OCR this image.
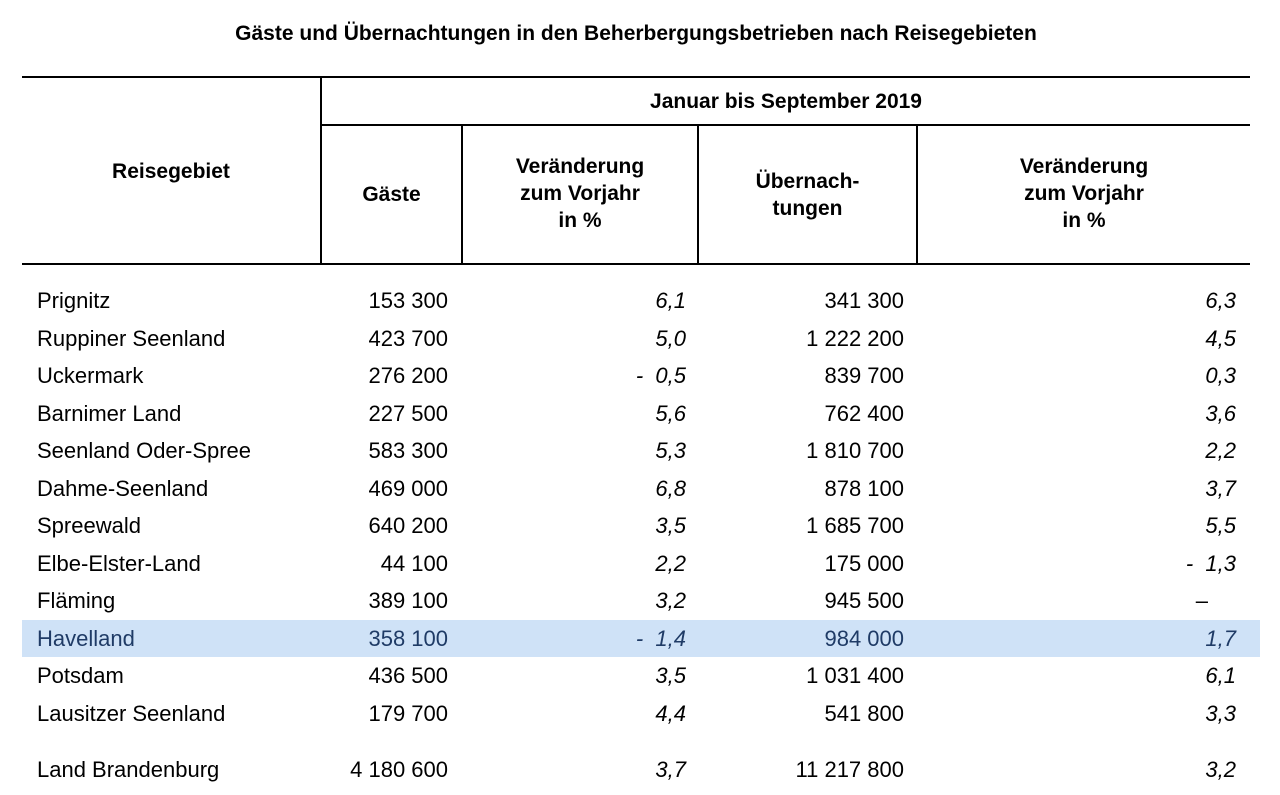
Gäste und Übernachtungen in den Beherbergungsbetrieben nach Reisegebieten
Reisegebiet
Januar bis September 2019
Gäste
Veränderung
zum Vorjahr
in %
Übernach-
tungen
Veränderung
zum Vorjahr
in %
Prignitz	153 300	6,1	341 300	6,3
Ruppiner Seenland	423 700	5,0	1 222 200	4,5
Uckermark	276 200	-  0,5	839 700	0,3
Barnimer Land	227 500	5,6	762 400	3,6
Seenland Oder-Spree	583 300	5,3	1 810 700	2,2
Dahme-Seenland	469 000	6,8	878 100	3,7
Spreewald	640 200	3,5	1 685 700	5,5
Elbe-Elster-Land	44 100	2,2	175 000	-  1,3
Fläming	389 100	3,2	945 500	–
Havelland	358 100	-  1,4	984 000	1,7
Potsdam	436 500	3,5	1 031 400	6,1
Lausitzer Seenland	179 700	4,4	541 800	3,3
Land Brandenburg	4 180 600	3,7	11 217 800	3,2
